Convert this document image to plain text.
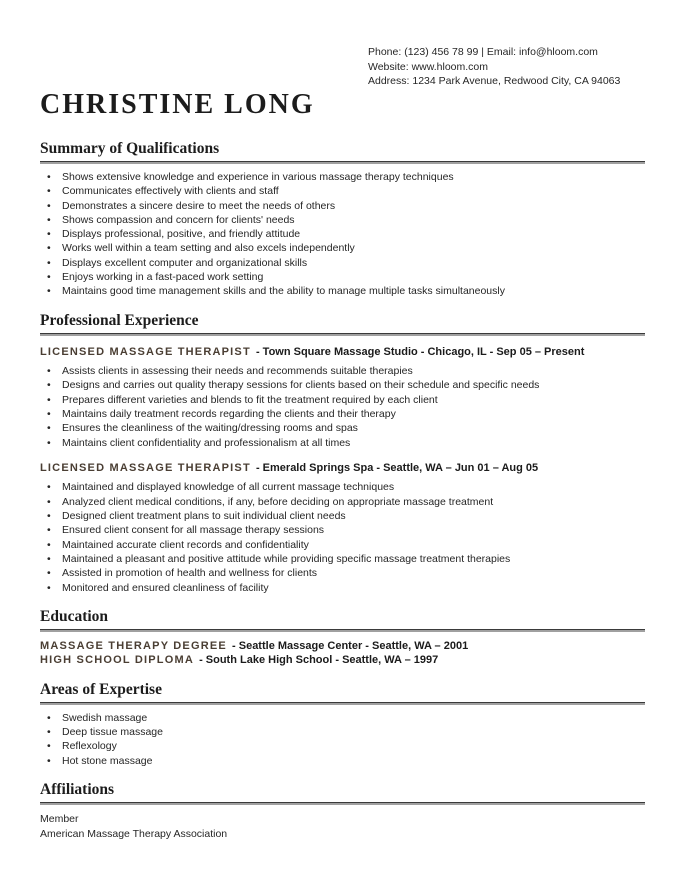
Phone: (123) 456 78 99 | Email: info@hloom.com
Website: www.hloom.com
Address: 1234 Park Avenue, Redwood City, CA 94063
CHRISTINE LONG
Summary of Qualifications
• Shows extensive knowledge and experience in various massage therapy techniques
• Communicates effectively with clients and staff
• Demonstrates a sincere desire to meet the needs of others
• Shows compassion and concern for clients' needs
• Displays professional, positive, and friendly attitude
• Works well within a team setting and also excels independently
• Displays excellent computer and organizational skills
• Enjoys working in a fast-paced work setting
• Maintains good time management skills and the ability to manage multiple tasks simultaneously
Professional Experience
LICENSED MASSAGE THERAPIST - Town Square Massage Studio - Chicago, IL - Sep 05 – Present
• Assists clients in assessing their needs and recommends suitable therapies
• Designs and carries out quality therapy sessions for clients based on their schedule and specific needs
• Prepares different varieties and blends to fit the treatment required by each client
• Maintains daily treatment records regarding the clients and their therapy
• Ensures the cleanliness of the waiting/dressing rooms and spas
• Maintains client confidentiality and professionalism at all times
LICENSED MASSAGE THERAPIST - Emerald Springs Spa - Seattle, WA – Jun 01 – Aug 05
• Maintained and displayed knowledge of all current massage techniques
• Analyzed client medical conditions, if any, before deciding on appropriate massage treatment
• Designed client treatment plans to suit individual client needs
• Ensured client consent for all massage therapy sessions
• Maintained accurate client records and confidentiality
• Maintained a pleasant and positive attitude while providing specific massage treatment therapies
• Assisted in promotion of health and wellness for clients
• Monitored and ensured cleanliness of facility
Education
MASSAGE THERAPY DEGREE - Seattle Massage Center - Seattle, WA – 2001
HIGH SCHOOL DIPLOMA - South Lake High School - Seattle, WA – 1997
Areas of Expertise
• Swedish massage
• Deep tissue massage
• Reflexology
• Hot stone massage
Affiliations
Member
American Massage Therapy Association
